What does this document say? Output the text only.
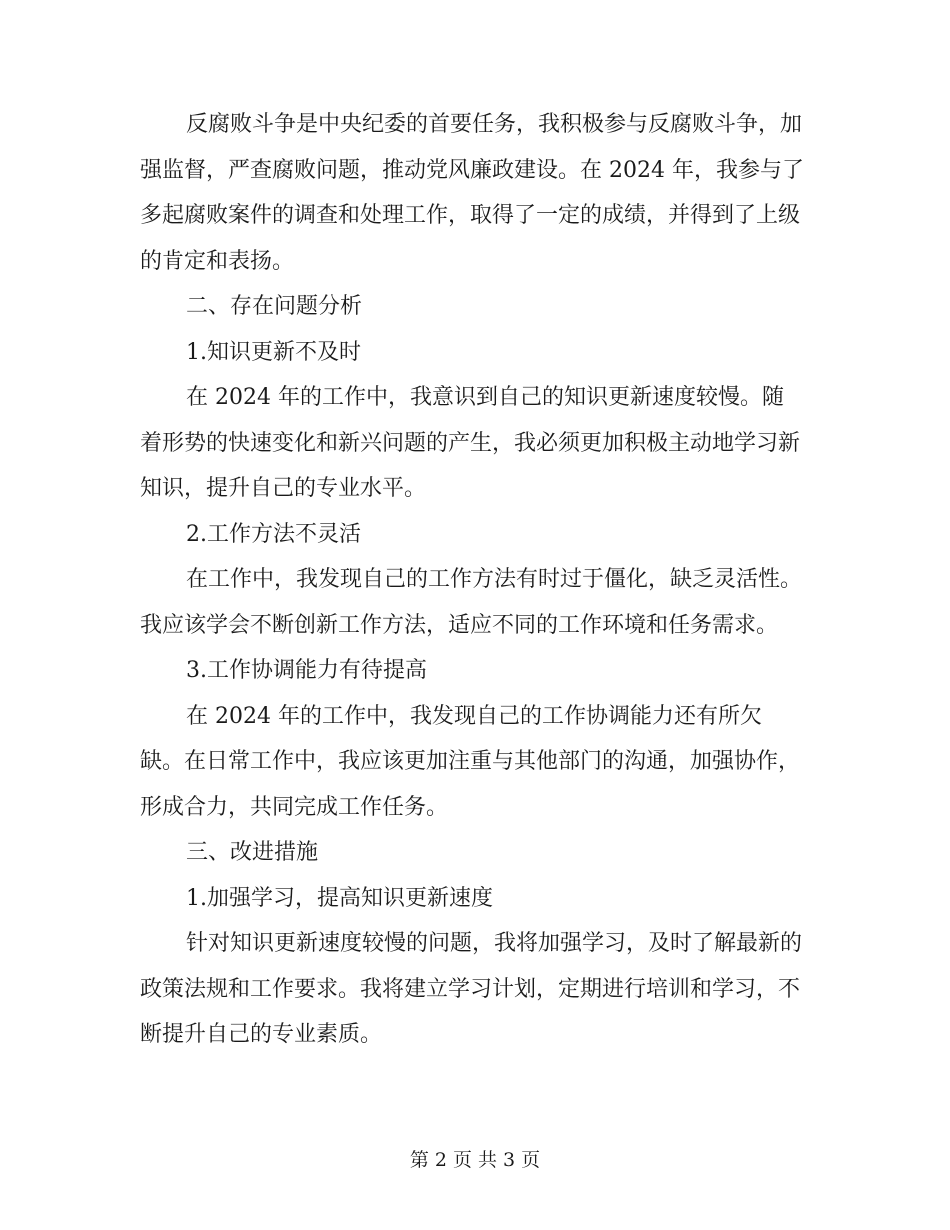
反腐败斗争是中央纪委的首要任务，我积极参与反腐败斗争，加强监督，严查腐败问题，推动党风廉政建设。在 2024 年，我参与了多起腐败案件的调查和处理工作，取得了一定的成绩，并得到了上级的肯定和表扬。

二、存在问题分析

1.知识更新不及时

在 2024 年的工作中，我意识到自己的知识更新速度较慢。随着形势的快速变化和新兴问题的产生，我必须更加积极主动地学习新知识，提升自己的专业水平。

2.工作方法不灵活

在工作中，我发现自己的工作方法有时过于僵化，缺乏灵活性。我应该学会不断创新工作方法，适应不同的工作环境和任务需求。

3.工作协调能力有待提高

在 2024 年的工作中，我发现自己的工作协调能力还有所欠缺。在日常工作中，我应该更加注重与其他部门的沟通，加强协作，形成合力，共同完成工作任务。

三、改进措施

1.加强学习，提高知识更新速度

针对知识更新速度较慢的问题，我将加强学习，及时了解最新的政策法规和工作要求。我将建立学习计划，定期进行培训和学习，不断提升自己的专业素质。

第 2 页 共 3 页
